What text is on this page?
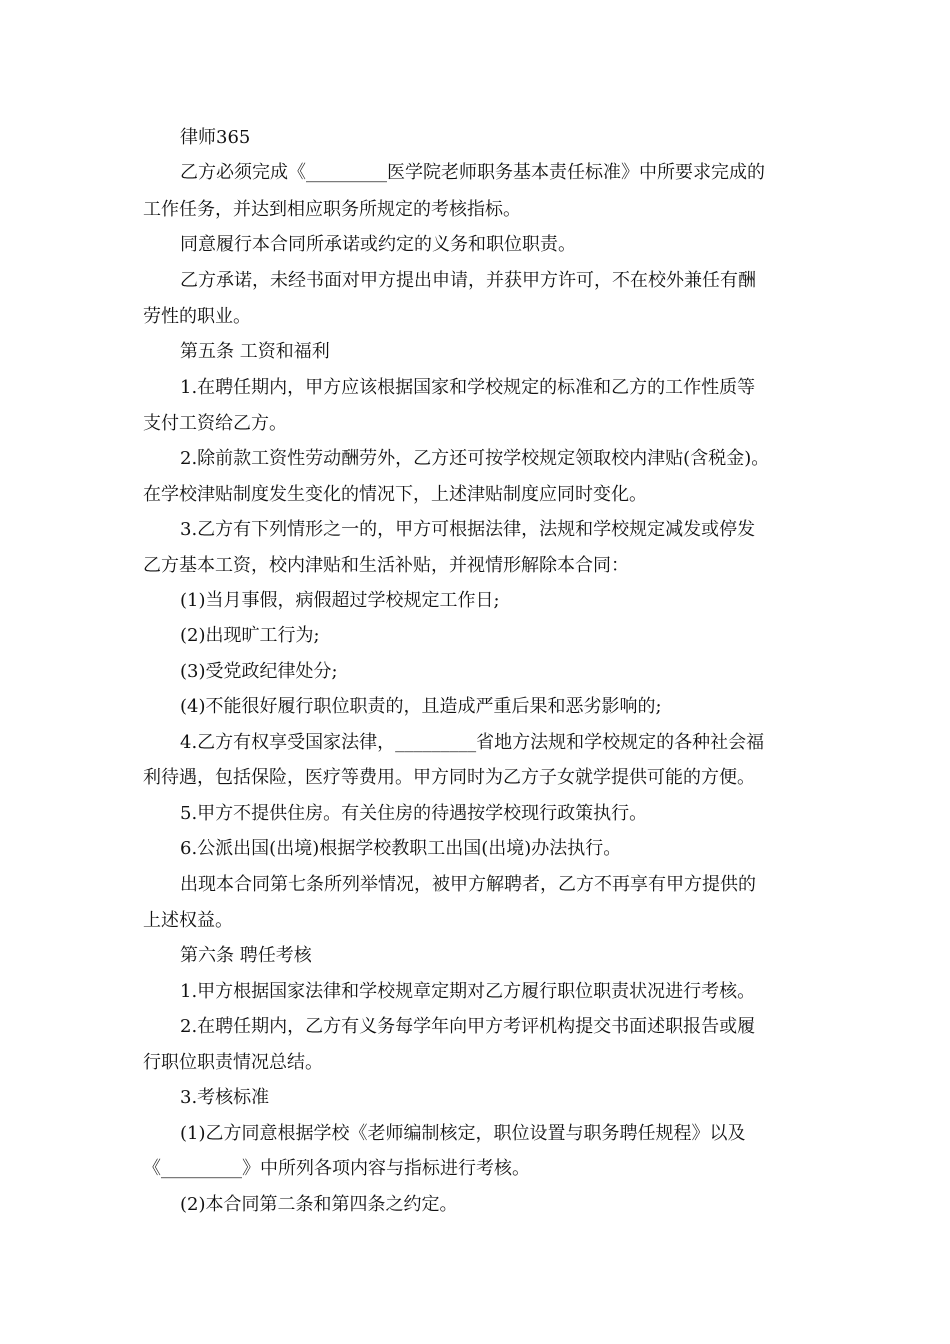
律师365
乙方必须完成《_________医学院老师职务基本责任标准》中所要求完成的
工作任务，并达到相应职务所规定的考核指标。
同意履行本合同所承诺或约定的义务和职位职责。
乙方承诺，未经书面对甲方提出申请，并获甲方许可，不在校外兼任有酬
劳性的职业。
第五条 工资和福利
1.在聘任期内，甲方应该根据国家和学校规定的标准和乙方的工作性质等
支付工资给乙方。
2.除前款工资性劳动酬劳外，乙方还可按学校规定领取校内津贴(含税金)。
在学校津贴制度发生变化的情况下，上述津贴制度应同时变化。
3.乙方有下列情形之一的，甲方可根据法律，法规和学校规定减发或停发
乙方基本工资，校内津贴和生活补贴，并视情形解除本合同：
(1)当月事假，病假超过学校规定工作日;
(2)出现旷工行为;
(3)受党政纪律处分;
(4)不能很好履行职位职责的，且造成严重后果和恶劣影响的;
4.乙方有权享受国家法律，_________省地方法规和学校规定的各种社会福
利待遇，包括保险，医疗等费用。甲方同时为乙方子女就学提供可能的方便。
5.甲方不提供住房。有关住房的待遇按学校现行政策执行。
6.公派出国(出境)根据学校教职工出国(出境)办法执行。
出现本合同第七条所列举情况，被甲方解聘者，乙方不再享有甲方提供的
上述权益。
第六条 聘任考核
1.甲方根据国家法律和学校规章定期对乙方履行职位职责状况进行考核。
2.在聘任期内，乙方有义务每学年向甲方考评机构提交书面述职报告或履
行职位职责情况总结。
3.考核标准
(1)乙方同意根据学校《老师编制核定，职位设置与职务聘任规程》以及
《_________》中所列各项内容与指标进行考核。
(2)本合同第二条和第四条之约定。
